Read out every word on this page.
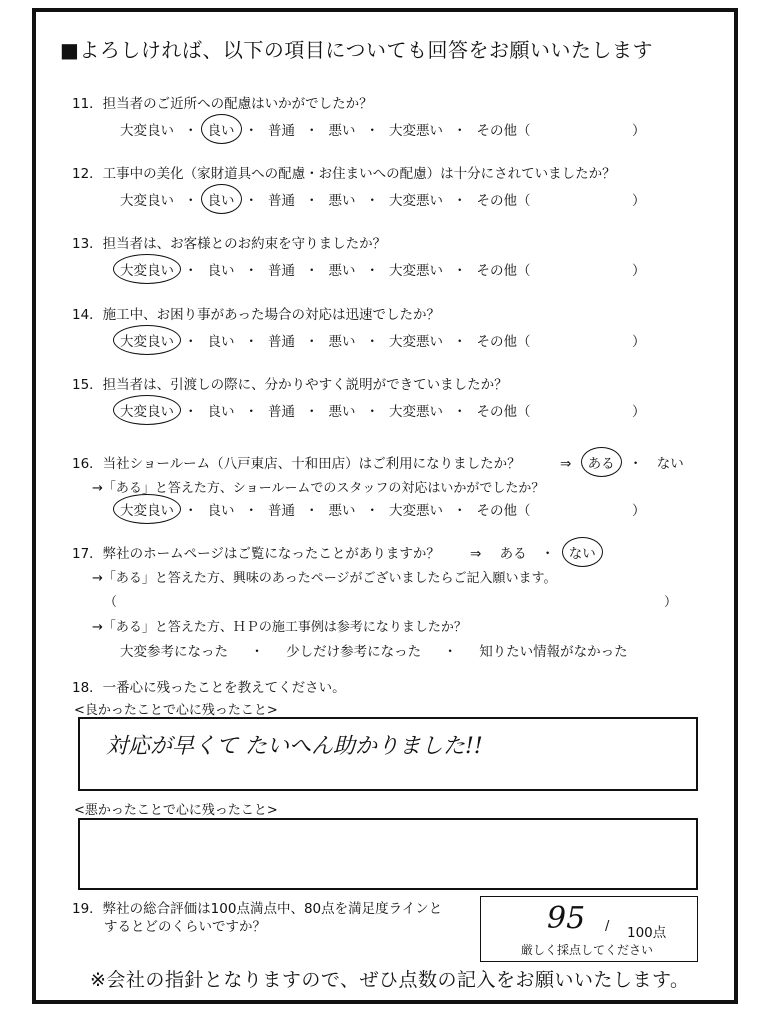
■よろしければ、以下の項目についても回答をお願いいたします
11．担当者のご近所への配慮はいかがでしたか？
大変良い ・ 良い ・ 普通 ・ 悪い ・ 大変悪い ・ その他（	）
12．工事中の美化（家財道具への配慮・お住まいへの配慮）は十分にされていましたか？
大変良い ・ 良い ・ 普通 ・ 悪い ・ 大変悪い ・ その他（	）
13．担当者は、お客様とのお約束を守りましたか？
大変良い ・ 良い ・ 普通 ・ 悪い ・ 大変悪い ・ その他（	）
14．施工中、お困り事があった場合の対応は迅速でしたか？
大変良い ・ 良い ・ 普通 ・ 悪い ・ 大変悪い ・ その他（	）
15．担当者は、引渡しの際に、分かりやすく説明ができていましたか？
大変良い ・ 良い ・ 普通 ・ 悪い ・ 大変悪い ・ その他（	）
16．当社ショールーム（八戸東店、十和田店）はご利用になりましたか？	⇒ ある ・ ない
→「ある」と答えた方、ショールームでのスタッフの対応はいかがでしたか？
大変良い ・ 良い ・ 普通 ・ 悪い ・ 大変悪い ・ その他（	）
17．弊社のホームページはご覧になったことがありますか？ ⇒ ある ・ ない
→「ある」と答えた方、興味のあったページがございましたらご記入願います。
（	）
→「ある」と答えた方、ＨＰの施工事例は参考になりましたか？
大変参考になった ・ 少しだけ参考になった ・ 知りたい情報がなかった
18．一番心に残ったことを教えてください。
<良かったことで心に残ったこと>
対応が早くて たいへん助かりました!!
<悪かったことで心に残ったこと>
19．弊社の総合評価は100点満点中、80点を満足度ラインと
するとどのくらいですか？	95 / 100点
厳しく採点してください
※会社の指針となりますので、ぜひ点数の記入をお願いいたします。
